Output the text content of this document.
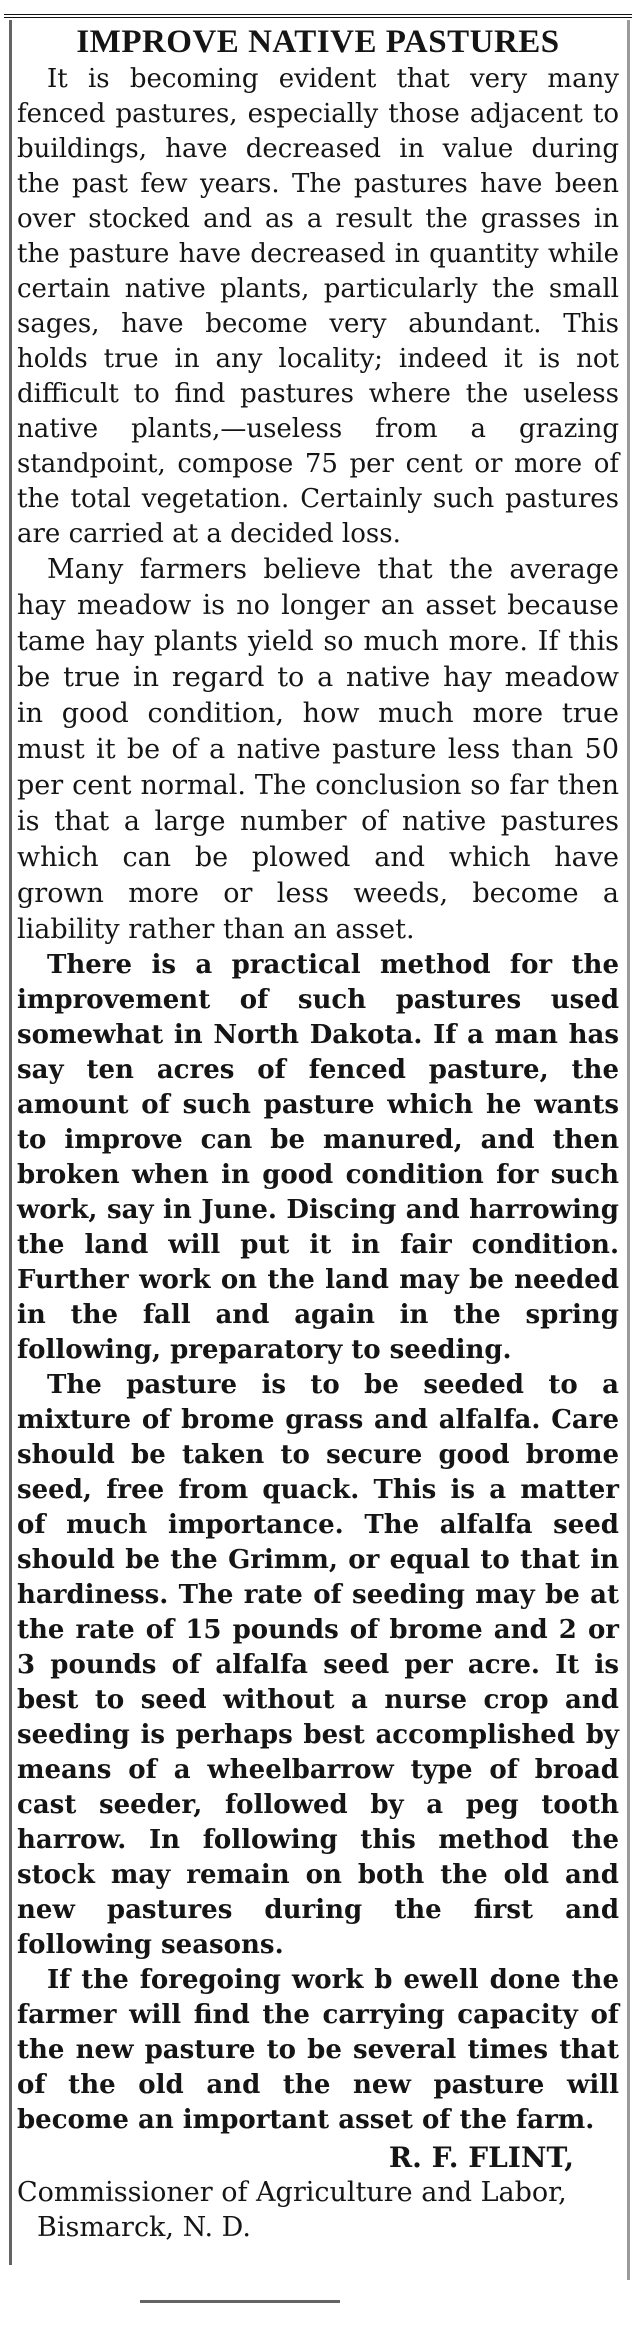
IMPROVE NATIVE PASTURES

It is becoming evident that very many fenced pastures, especially those adjacent to buildings, have decreased in value during the past few years. The pastures have been over stocked and as a result the grasses in the pasture have decreased in quantity while certain native plants, particularly the small sages, have become very abundant. This holds true in any locality; indeed it is not difficult to find pastures where the useless native plants,—useless from a grazing standpoint, compose 75 per cent or more of the total vegetation. Certainly such pastures are carried at a decided loss.

Many farmers believe that the average hay meadow is no longer an asset because tame hay plants yield so much more. If this be true in regard to a native hay meadow in good condition, how much more true must it be of a native pasture less than 50 per cent normal. The conclusion so far then is that a large number of native pastures which can be plowed and which have grown more or less weeds, become a liability rather than an asset.

There is a practical method for the improvement of such pastures used somewhat in North Dakota. If a man has say ten acres of fenced pasture, the amount of such pasture which he wants to improve can be manured, and then broken when in good condition for such work, say in June. Discing and harrowing the land will put it in fair condition. Further work on the land may be needed in the fall and again in the spring following, preparatory to seeding.

The pasture is to be seeded to a mixture of brome grass and alfalfa. Care should be taken to secure good brome seed, free from quack. This is a matter of much importance. The alfalfa seed should be the Grimm, or equal to that in hardiness. The rate of seeding may be at the rate of 15 pounds of brome and 2 or 3 pounds of alfalfa seed per acre. It is best to seed without a nurse crop and seeding is perhaps best accomplished by means of a wheelbarrow type of broad cast seeder, followed by a peg tooth harrow. In following this method the stock may remain on both the old and new pastures during the first and following seasons.

If the foregoing work b ewell done the farmer will find the carrying capacity of the new pasture to be several times that of the old and the new pasture will become an important asset of the farm.

R. F. FLINT,

Commissioner of Agriculture and Labor,

Bismarck, N. D.
